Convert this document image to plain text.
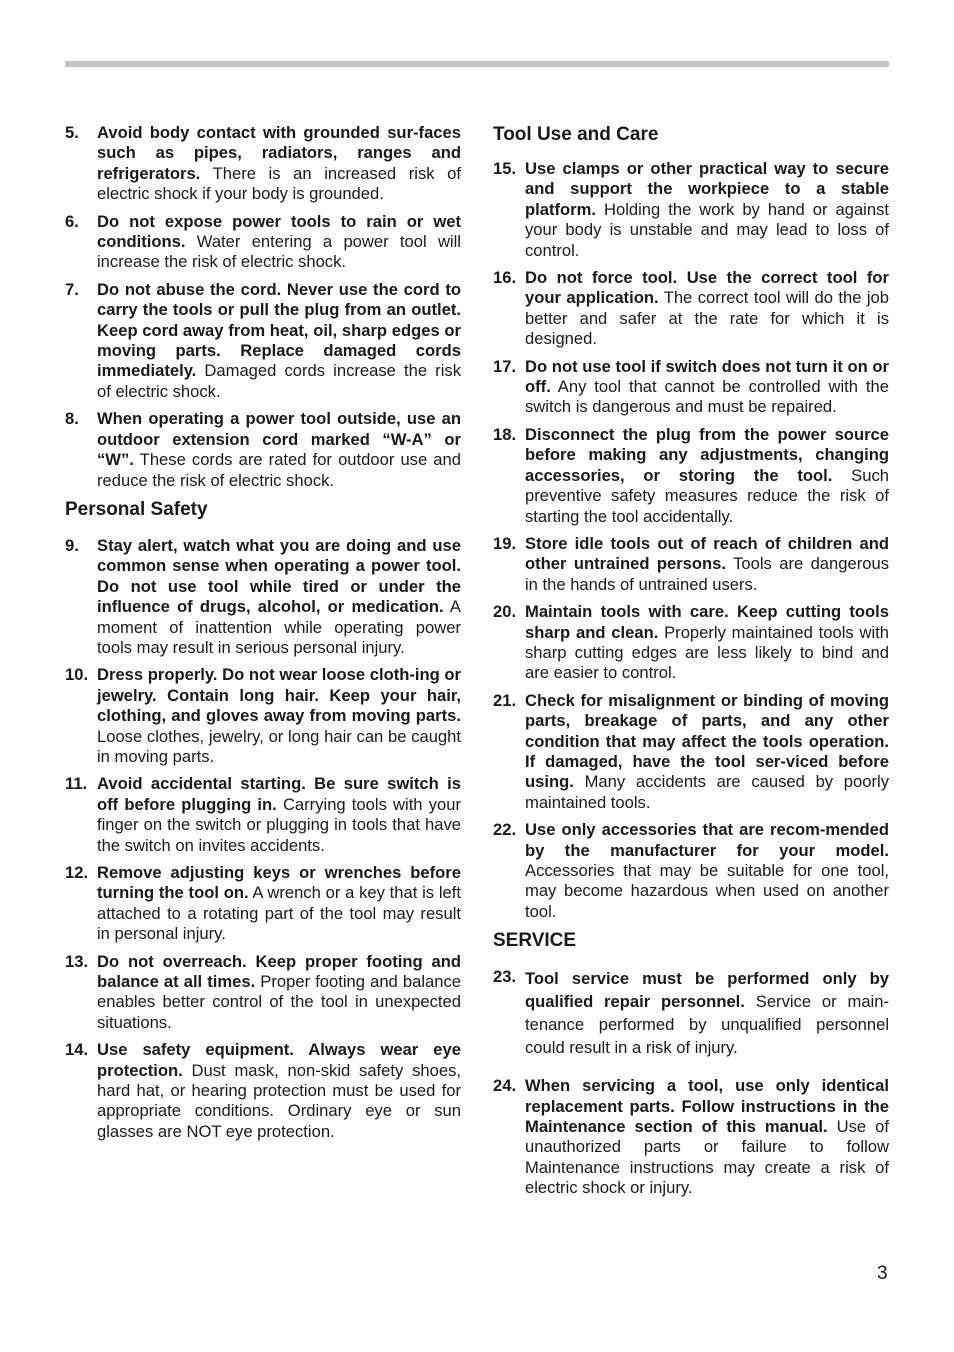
5.	Avoid body contact with grounded sur-faces such as pipes, radiators, ranges and refrigerators. There is an increased risk of electric shock if your body is grounded.
6.	Do not expose power tools to rain or wet conditions. Water entering a power tool will increase the risk of electric shock.
7.	Do not abuse the cord. Never use the cord to carry the tools or pull the plug from an outlet. Keep cord away from heat, oil, sharp edges or moving parts. Replace damaged cords immediately. Damaged cords increase the risk of electric shock.
8.	When operating a power tool outside, use an outdoor extension cord marked “W-A” or “W”. These cords are rated for outdoor use and reduce the risk of electric shock.
Personal Safety
9.	Stay alert, watch what you are doing and use common sense when operating a power tool. Do not use tool while tired or under the influence of drugs, alcohol, or medication. A moment of inattention while operating power tools may result in serious personal injury.
10. Dress properly. Do not wear loose cloth-ing or jewelry. Contain long hair. Keep your hair, clothing, and gloves away from moving parts. Loose clothes, jewelry, or long hair can be caught in moving parts.
11. Avoid accidental starting. Be sure switch is off before plugging in. Carrying tools with your finger on the switch or plugging in tools that have the switch on invites accidents.
12. Remove adjusting keys or wrenches before turning the tool on. A wrench or a key that is left attached to a rotating part of the tool may result in personal injury.
13. Do not overreach. Keep proper footing and balance at all times. Proper footing and balance enables better control of the tool in unexpected situations.
14. Use safety equipment. Always wear eye protection. Dust mask, non-skid safety shoes, hard hat, or hearing protection must be used for appropriate conditions. Ordinary eye or sun glasses are NOT eye protection.
Tool Use and Care
15. Use clamps or other practical way to secure and support the workpiece to a stable platform. Holding the work by hand or against your body is unstable and may lead to loss of control.
16. Do not force tool. Use the correct tool for your application. The correct tool will do the job better and safer at the rate for which it is designed.
17. Do not use tool if switch does not turn it on or off. Any tool that cannot be controlled with the switch is dangerous and must be repaired.
18. Disconnect the plug from the power source before making any adjustments, changing accessories, or storing the tool. Such preventive safety measures reduce the risk of starting the tool accidentally.
19. Store idle tools out of reach of children and other untrained persons. Tools are dangerous in the hands of untrained users.
20. Maintain tools with care. Keep cutting tools sharp and clean. Properly maintained tools with sharp cutting edges are less likely to bind and are easier to control.
21. Check for misalignment or binding of moving parts, breakage of parts, and any other condition that may affect the tools operation. If damaged, have the tool ser-viced before using. Many accidents are caused by poorly maintained tools.
22. Use only accessories that are recom-mended by the manufacturer for your model. Accessories that may be suitable for one tool, may become hazardous when used on another tool.
SERVICE
23. Tool service must be performed only by qualified repair personnel. Service or main-tenance performed by unqualified personnel could result in a risk of injury.
24. When servicing a tool, use only identical replacement parts. Follow instructions in the Maintenance section of this manual. Use of unauthorized parts or failure to follow Maintenance instructions may create a risk of electric shock or injury.
3
